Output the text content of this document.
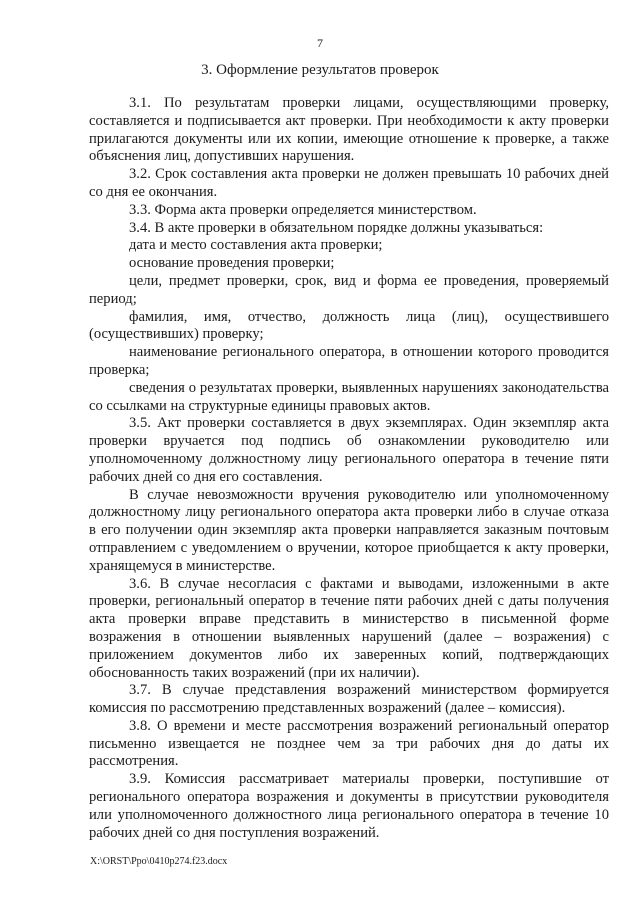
7
3. Оформление результатов проверок

3.1. По результатам проверки лицами, осуществляющими проверку, составляется и подписывается акт проверки. При необходимости к акту проверки прилагаются документы или их копии, имеющие отношение к проверке, а также объяснения лиц, допустивших нарушения.

3.2. Срок составления акта проверки не должен превышать 10 рабочих дней со дня ее окончания.

3.3. Форма акта проверки определяется министерством.

3.4. В акте проверки в обязательном порядке должны указываться:

дата и место составления акта проверки;

основание проведения проверки;

цели, предмет проверки, срок, вид и форма ее проведения, проверяемый период;

фамилия, имя, отчество, должность лица (лиц), осуществившего (осуществивших) проверку;

наименование регионального оператора, в отношении которого проводится проверка;

сведения о результатах проверки, выявленных нарушениях законодательства со ссылками на структурные единицы правовых актов.

3.5. Акт проверки составляется в двух экземплярах. Один экземпляр акта проверки вручается под подпись об ознакомлении руководителю или уполномоченному должностному лицу регионального оператора в течение пяти рабочих дней со дня его составления.

В случае невозможности вручения руководителю или уполномоченному должностному лицу регионального оператора акта проверки либо в случае отказа в его получении один экземпляр акта проверки направляется заказным почтовым отправлением с уведомлением о вручении, которое приобщается к акту проверки, хранящемуся в министерстве.

3.6. В случае несогласия с фактами и выводами, изложенными в акте проверки, региональный оператор в течение пяти рабочих дней с даты получения акта проверки вправе представить в министерство в письменной форме возражения в отношении выявленных нарушений (далее – возражения) с приложением документов либо их заверенных копий, подтверждающих обоснованность таких возражений (при их наличии).

3.7. В случае представления возражений министерством формируется комиссия по рассмотрению представленных возражений (далее – комиссия).

3.8. О времени и месте рассмотрения возражений региональный оператор письменно извещается не позднее чем за три рабочих дня до даты их рассмотрения.

3.9. Комиссия рассматривает материалы проверки, поступившие от регионального оператора возражения и документы в присутствии руководителя или уполномоченного должностного лица регионального оператора в течение 10 рабочих дней со дня поступления возражений.

X:\ORST\Ppo\0410p274.f23.docx
